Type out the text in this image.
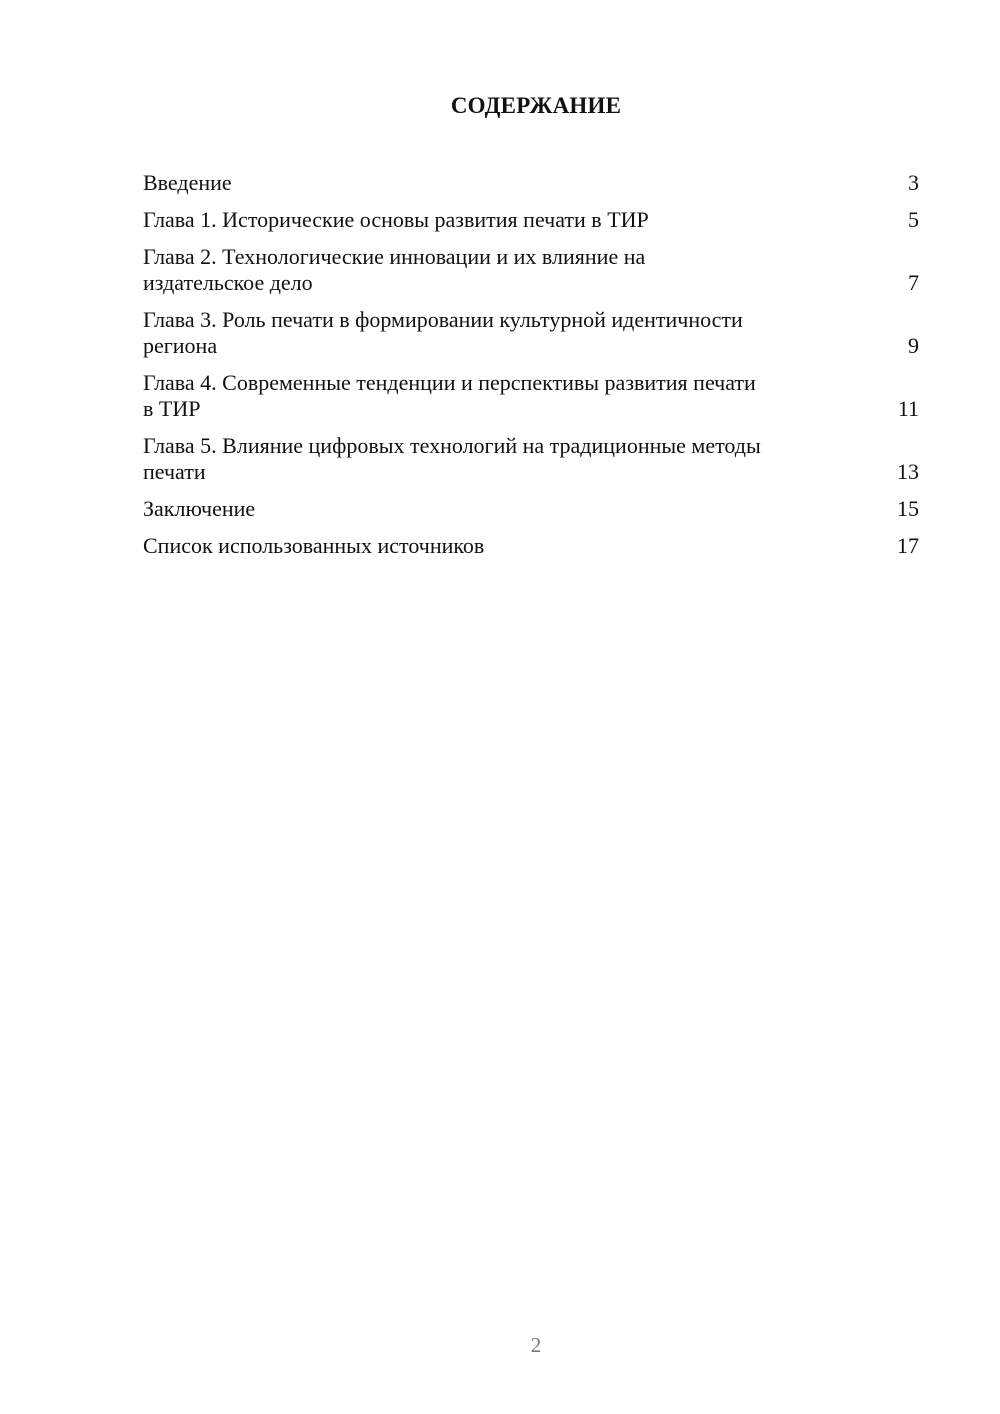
СОДЕРЖАНИЕ
Введение	3
Глава 1. Исторические основы развития печати в ТИР	5
Глава 2. Технологические инновации и их влияние на издательское дело	7
Глава 3. Роль печати в формировании культурной идентичности региона	9
Глава 4. Современные тенденции и перспективы развития печати в ТИР	11
Глава 5. Влияние цифровых технологий на традиционные методы печати	13
Заключение	15
Список использованных источников	17
2
